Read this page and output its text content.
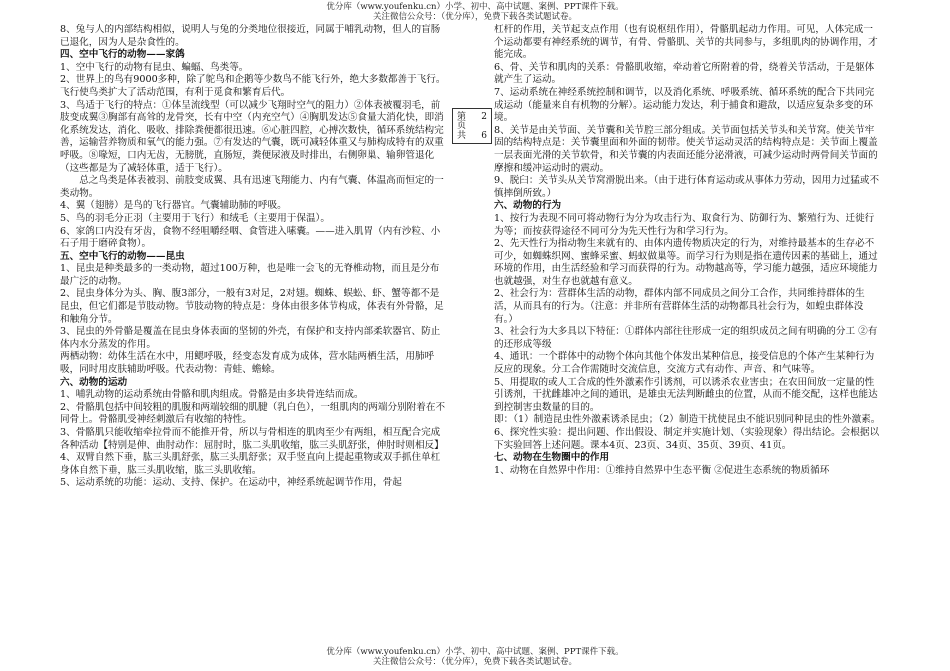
优分库（www.youfenku.cn）小学、初中、高中试题、案例、PPT课件下载。
关注微信公众号：（优分库），免费下载各类试题试卷。

8、兔与人的内部结构相似，说明人与兔的分类地位很接近，同属于哺乳动物，但人的盲肠已退化，因为人是杂食性的。

四、空中飞行的动物——家鸽

1、空中飞行的动物有昆虫、蝙蝠、鸟类等。

2、世界上的鸟有9000多种，除了鸵鸟和企鹅等少数鸟不能飞行外，绝大多数都善于飞行。飞行使鸟类扩大了活动范围，有利于觅食和繁育后代。

3、鸟适于飞行的特点：①体呈流线型（可以减少飞翔时空气的阻力）②体表被覆羽毛，前肢变成翼③胸部有高耸的龙骨突，长有中空（内充空气）④胸肌发达⑤食量大消化快，即消化系统发达，消化、吸收、排除粪便都很迅速。⑥心脏四腔，心搏次数快，循环系统结构完善，运输营养物质和氧气的能力强。⑦有发达的气囊，既可减轻体重又与肺构成特有的双重呼吸。⑧喙短，口内无齿，无膀胱，直肠短，粪便尿液及时排出，右侧卵巢、输卵管退化（这些都是为了减轻体重，适于飞行）。

总之鸟类是体表被羽、前肢变成翼、具有迅速飞翔能力、内有气囊、体温高而恒定的一类动物。

4、翼（翅膀）是鸟的飞行器官。气囊辅助肺的呼吸。

5、鸟的羽毛分正羽（主要用于飞行）和绒毛（主要用于保温）。

6、家鸽口内没有牙齿，食物不经咀嚼经咽、食管进入嗉囊。——进入肌胃（内有沙粒、小石子用于磨碎食物）。

五、空中飞行的动物——昆虫

1、昆虫是种类最多的一类动物，超过100万种，也是唯一会飞的无脊椎动物，而且是分布最广泛的动物。

2、昆虫身体分为头、胸、腹3部分，一般有3对足，2对翅。蜘蛛、蜈蚣、虾、蟹等都不是昆虫，但它们都是节肢动物。节肢动物的特点是：身体由很多体节构成，体表有外骨骼，足和触角分节。

3、昆虫的外骨骼是覆盖在昆虫身体表面的坚韧的外壳，有保护和支持内部柔软器官、防止体内水分蒸发的作用。

两栖动物：幼体生活在水中，用鳃呼吸，经变态发育成为成体，营水陆两栖生活，用肺呼吸，同时用皮肤辅助呼吸。代表动物：青蛙、蟾蜍。

六、动物的运动

1、哺乳动物的运动系统由骨骼和肌肉组成。骨骼是由多块骨连结而成。

2、骨骼肌包括中间较粗的肌腹和两端较细的肌腱（乳白色），一组肌肉的两端分别附着在不同骨上。骨骼肌受神经刺激后有收缩的特性。

3、骨骼肌只能收缩牵拉骨而不能推开骨，所以与骨相连的肌肉至少有两组，相互配合完成各种活动【特别是伸、曲肘动作：屈肘时，肱二头肌收缩，肱三头肌舒张，伸肘时则相反】

4、双臂自然下垂，肱三头肌舒张，肱三头肌舒张；双手竖直向上提起重物或双手抓住单杠身体自然下垂，肱三头肌收缩，肱三头肌收缩。

5、运动系统的功能：运动、支持、保护。在运动中，神经系统起调节作用，骨起

第 2
页
共 6

杠杆的作用，关节起支点作用（也有说枢纽作用），骨骼肌起动力作用。可见，人体完成一个运动都要有神经系统的调节，有骨、骨骼肌、关节的共同参与，多组肌肉的协调作用，才能完成。

6、骨、关节和肌肉的关系：骨骼肌收缩，牵动着它所附着的骨，绕着关节活动，于是躯体就产生了运动。

7、运动系统在神经系统控制和调节，以及消化系统、呼吸系统、循环系统的配合下共同完成运动（能量来自有机物的分解）。运动能力发达，利于捕食和避敌，以适应复杂多变的环境。

8、关节是由关节面、关节囊和关节腔三部分组成。关节面包括关节头和关节窝。使关节牢固的结构特点是：关节囊里面和外面的韧带。使关节运动灵活的结构特点是：关节面上覆盖一层表面光滑的关节软骨，和关节囊的内表面还能分泌滑液，可减少运动时两骨间关节面的摩擦和缓冲运动时的震动。

9、脱臼：关节头从关节窝滑脱出来。（由于进行体育运动或从事体力劳动，因用力过猛或不慎摔倒所致。）

六、动物的行为

1、按行为表现不同可将动物行为分为攻击行为、取食行为、防御行为、繁殖行为、迁徙行为等；而按获得途径不同可分为先天性行为和学习行为。

2、先天性行为指动物生来就有的、由体内遗传物质决定的行为，对维持最基本的生存必不可少，如蜘蛛织网、蜜蜂采蜜、蚂蚁做巢等。而学习行为则是指在遗传因素的基础上，通过环境的作用，由生活经验和学习而获得的行为。动物越高等，学习能力越强，适应环境能力也就越强，对生存也就越有意义。

2、社会行为：营群体生活的动物，群体内部不同成员之间分工合作，共同维持群体的生活，从而具有的行为。（注意：并非所有营群体生活的动物都具社会行为，如蝗虫群体没有。）

3、社会行为大多具以下特征：①群体内部往往形成一定的组织成员之间有明确的分工 ②有的还形成等级

4、通讯：一个群体中的动物个体向其他个体发出某种信息，接受信息的个体产生某种行为反应的现象。分工合作需随时交流信息，交流方式有动作、声音、和气味等。

5、用提取的或人工合成的性外激素作引诱剂，可以诱杀农业害虫；在农田间放一定量的性引诱剂，干扰雌雄冲之间的通讯，是雄虫无法判断雌虫的位置，从而不能交配，这样也能达到控制害虫数量的目的。

即：（1）制造昆虫性外激素诱杀昆虫；（2）制造干扰使昆虫不能识别同种昆虫的性外激素。

6、探究性实验：提出问题、作出假设、制定并实施计划、（实验现象）得出结论。会根据以下实验回答上述问题。课本4页、23页、34页、35页、39页、41页。

七、动物在生物圈中的作用

1、动物在自然界中作用：①维持自然界中生态平衡 ②促进生态系统的物质循环

优分库（www.youfenku.cn）小学、初中、高中试题、案例、PPT课件下载。
关注微信公众号：（优分库），免费下载各类试题试卷。
